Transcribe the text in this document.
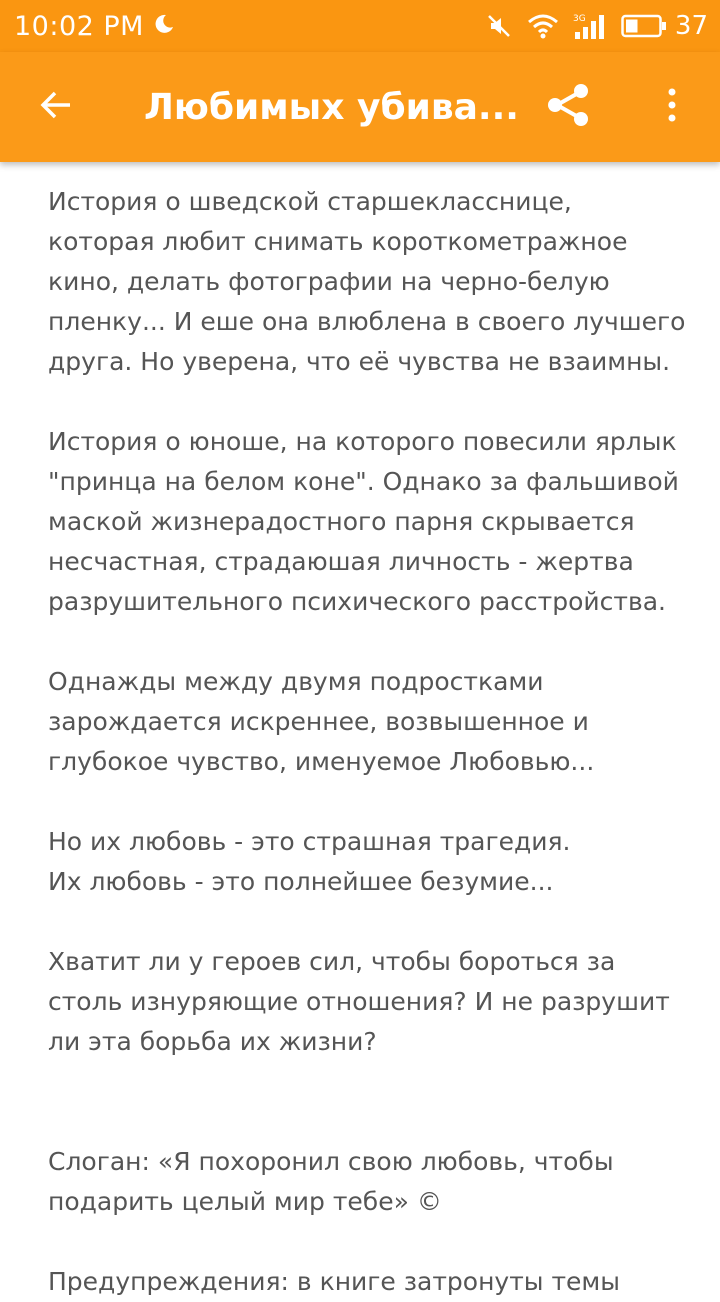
10:02 PM	3G	37
Любимых убива...

История о шведской старшекласснице,
которая любит снимать короткометражное
кино, делать фотографии на черно-белую
пленку... И еше она влюблена в своего лучшего
друга. Но уверена, что её чувства не взаимны.

История о юноше, на которого повесили ярлык
"принца на белом коне". Однако за фальшивой
маской жизнерадостного парня скрывается
несчастная, страдаюшая личность - жертва
разрушительного психического расстройства.

Однажды между двумя подростками
зарождается искреннее, возвышенное и
глубокое чувство, именуемое Любовью...

Но их любовь - это страшная трагедия.
Их любовь - это полнейшее безумие...

Хватит ли у героев сил, чтобы бороться за
столь изнуряющие отношения? И не разрушит
ли эта борьба их жизни?

Слоган: «Я похоронил свою любовь, чтобы
подарить целый мир тебе» ©

Предупреждения: в книге затронуты темы
